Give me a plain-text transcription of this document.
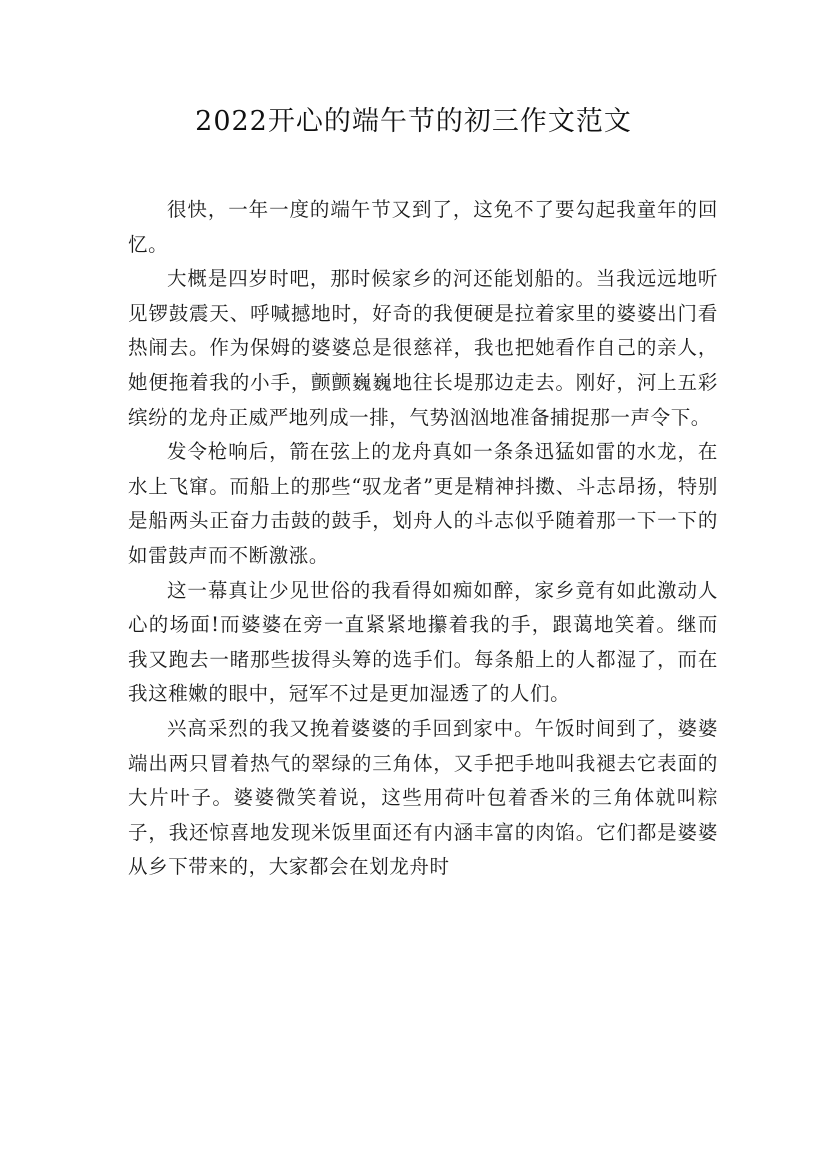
2022开心的端午节的初三作文范文

很快，一年一度的端午节又到了，这免不了要勾起我童年的回忆。

大概是四岁时吧，那时候家乡的河还能划船的。当我远远地听见锣鼓震天、呼喊撼地时，好奇的我便硬是拉着家里的婆婆出门看热闹去。作为保姆的婆婆总是很慈祥，我也把她看作自己的亲人，她便拖着我的小手，颤颤巍巍地往长堤那边走去。刚好，河上五彩缤纷的龙舟正威严地列成一排，气势汹汹地准备捕捉那一声令下。

发令枪响后，箭在弦上的龙舟真如一条条迅猛如雷的水龙，在水上飞窜。而船上的那些“驭龙者”更是精神抖擞、斗志昂扬，特别是船两头正奋力击鼓的鼓手，划舟人的斗志似乎随着那一下一下的如雷鼓声而不断激涨。

这一幕真让少见世俗的我看得如痴如醉，家乡竟有如此激动人心的场面!而婆婆在旁一直紧紧地攥着我的手，跟蔼地笑着。继而我又跑去一睹那些拔得头筹的选手们。每条船上的人都湿了，而在我这稚嫩的眼中，冠军不过是更加湿透了的人们。

兴高采烈的我又挽着婆婆的手回到家中。午饭时间到了，婆婆端出两只冒着热气的翠绿的三角体，又手把手地叫我褪去它表面的大片叶子。婆婆微笑着说，这些用荷叶包着香米的三角体就叫粽子，我还惊喜地发现米饭里面还有内涵丰富的肉馅。它们都是婆婆从乡下带来的，大家都会在划龙舟时
